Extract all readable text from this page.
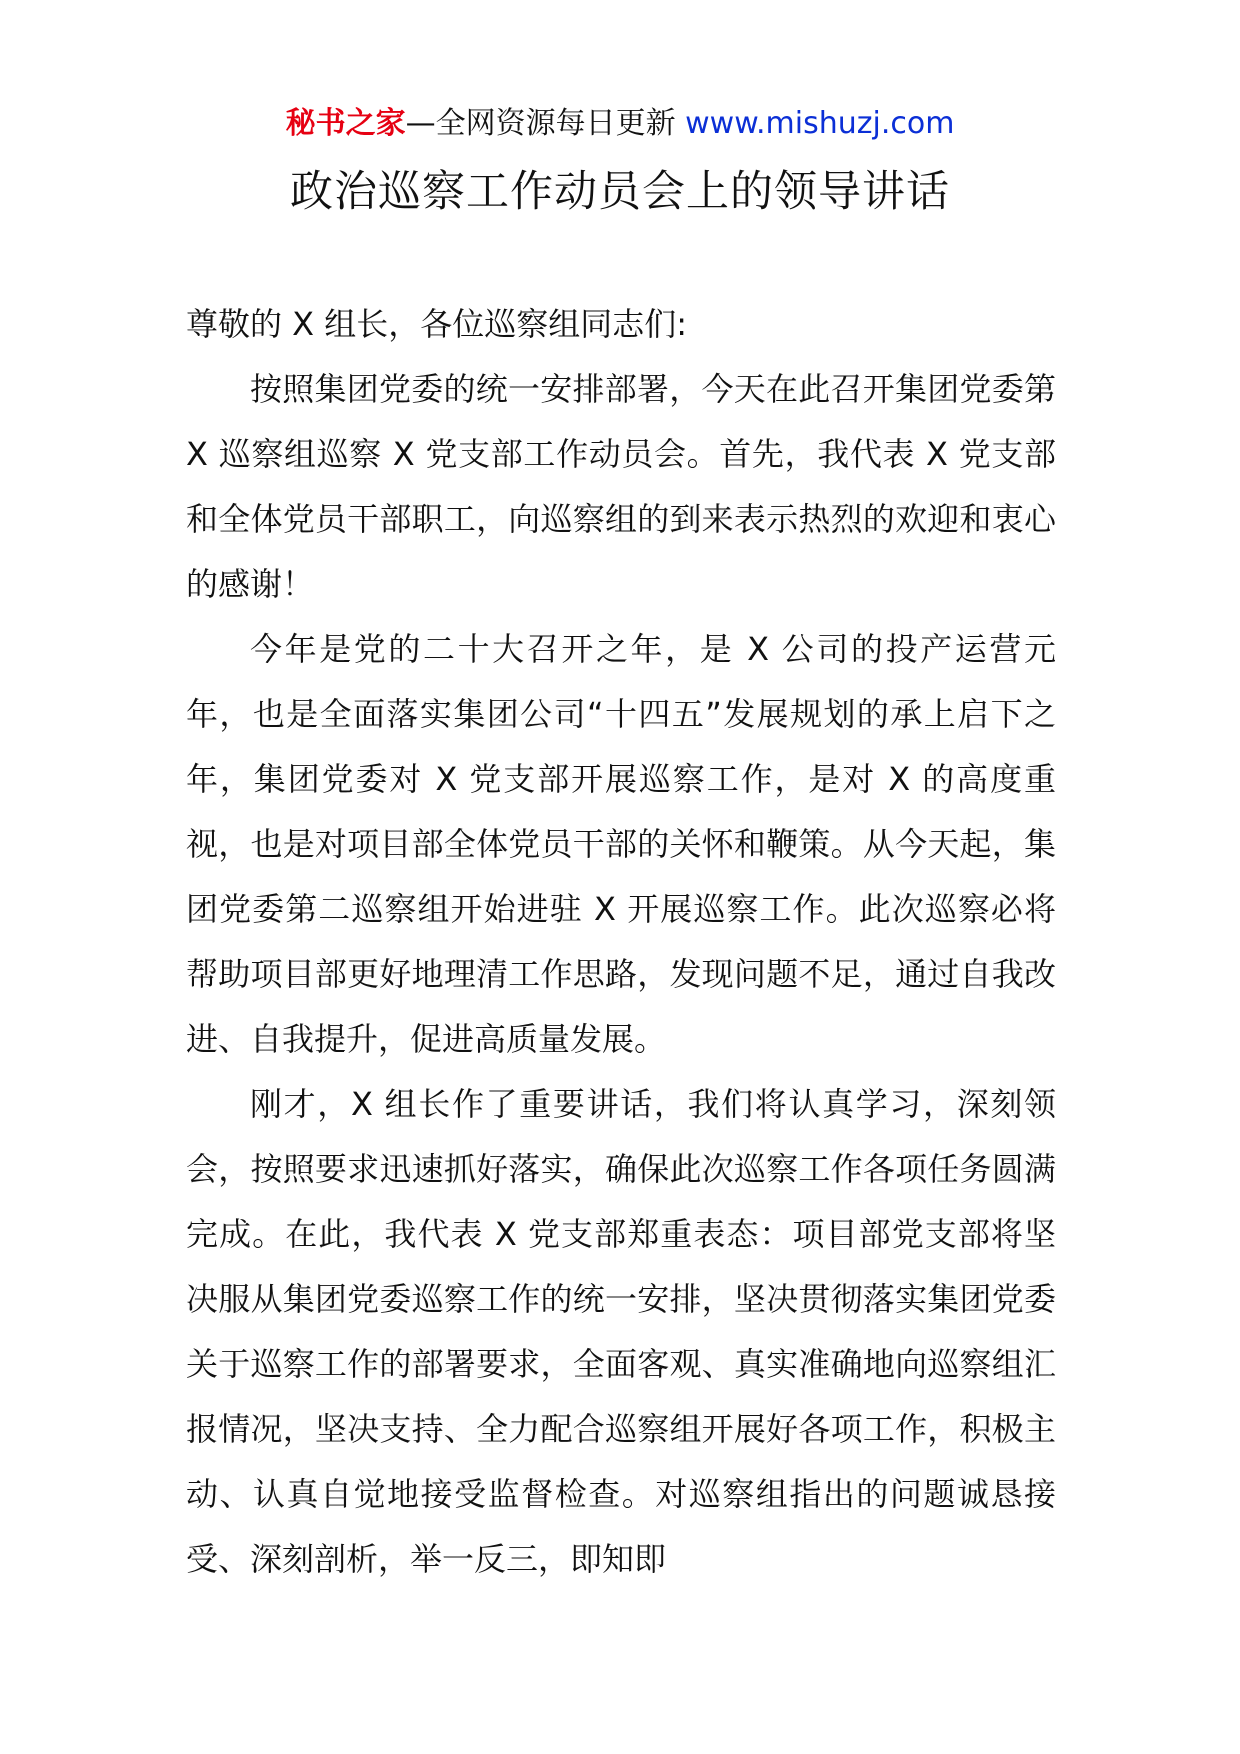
秘书之家—全网资源每日更新 www.mishuzj.com
政治巡察工作动员会上的领导讲话

尊敬的 X 组长，各位巡察组同志们:

按照集团党委的统一安排部署，今天在此召开集团党委第 X 巡察组巡察 X 党支部工作动员会。首先，我代表 X 党支部和全体党员干部职工，向巡察组的到来表示热烈的欢迎和衷心的感谢！

今年是党的二十大召开之年，是 X 公司的投产运营元年，也是全面落实集团公司“十四五”发展规划的承上启下之年，集团党委对 X 党支部开展巡察工作，是对 X 的高度重视，也是对项目部全体党员干部的关怀和鞭策。从今天起，集团党委第二巡察组开始进驻 X 开展巡察工作。此次巡察必将帮助项目部更好地理清工作思路，发现问题不足，通过自我改进、自我提升，促进高质量发展。

刚才，X 组长作了重要讲话，我们将认真学习，深刻领会，按照要求迅速抓好落实，确保此次巡察工作各项任务圆满完成。在此，我代表 X 党支部郑重表态：项目部党支部将坚决服从集团党委巡察工作的统一安排，坚决贯彻落实集团党委关于巡察工作的部署要求，全面客观、真实准确地向巡察组汇报情况，坚决支持、全力配合巡察组开展好各项工作，积极主动、认真自觉地接受监督检查。对巡察组指出的问题诚恳接受、深刻剖析，举一反三，即知即
